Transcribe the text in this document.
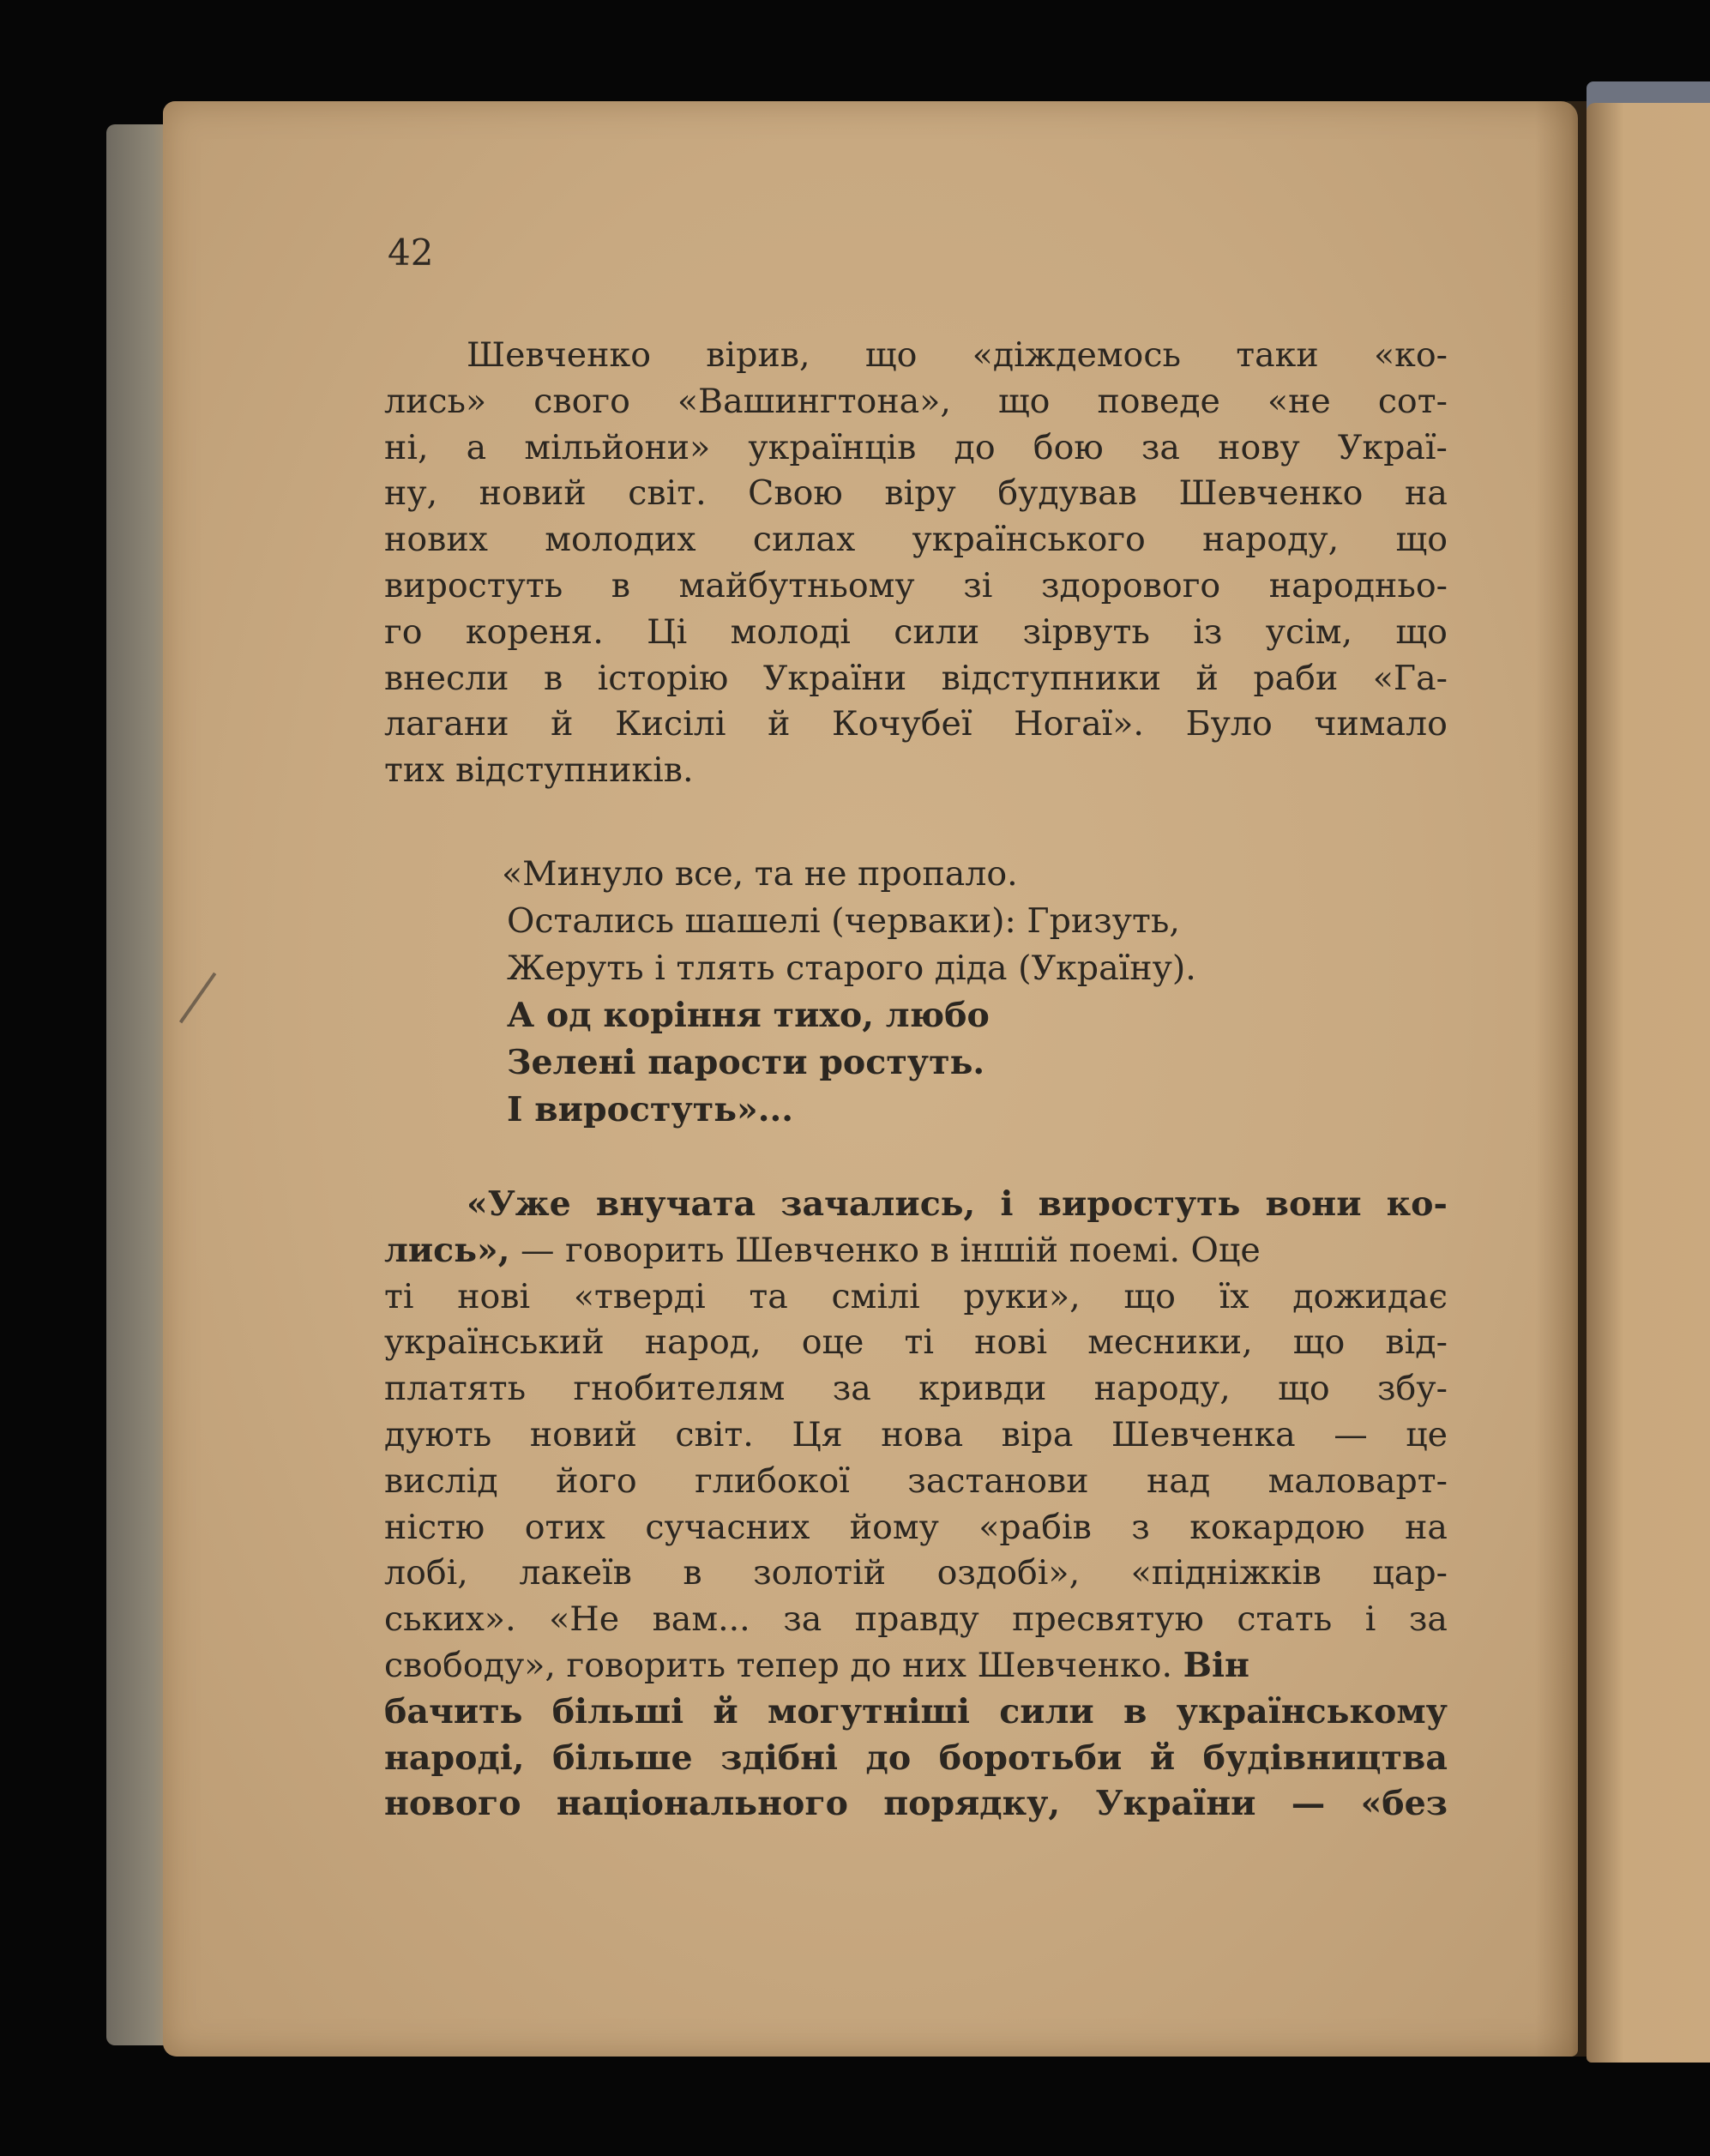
42
Шевченко вірив, що «діждемось таки «ко-
лись» свого «Вашингтона», що поведе «не сот-
ні, а мільйони» українців до бою за нову Украї-
ну, новий світ. Свою віру будував Шевченко на
нових молодих силах українського народу, що
виростуть в майбутньому зі здорового народньо-
го кореня. Ці молоді сили зірвуть із усім, що
внесли в історію України відступники й раби «Га-
лагани й Кисілі й Кочубеї Ногаї». Було чимало
тих відступників.
«Минуло все, та не пропало.
Остались шашелі (черваки): Гризуть,
Жеруть і тлять старого діда (Україну).
А од коріння тихо, любо
Зелені парости ростуть.
І виростуть»...
«Уже внучата зачались, і виростуть вони ко-
лись», — говорить Шевченко в іншій поемі. Оце
ті нові «тверді та смілі руки», що їх дожидає
український народ, оце ті нові месники, що від-
платять гнобителям за кривди народу, що збу-
дують новий світ. Ця нова віра Шевченка — це
вислід його глибокої застанови над маловарт-
ністю отих сучасних йому «рабів з кокардою на
лобі, лакеїв в золотій оздобі», «підніжків цар-
ських». «Не вам... за правду пресвятую стать і за
свободу», говорить тепер до них Шевченко. Він
бачить більші й могутніші сили в українському
народі, більше здібні до боротьби й будівництва
нового національного порядку, України — «без
